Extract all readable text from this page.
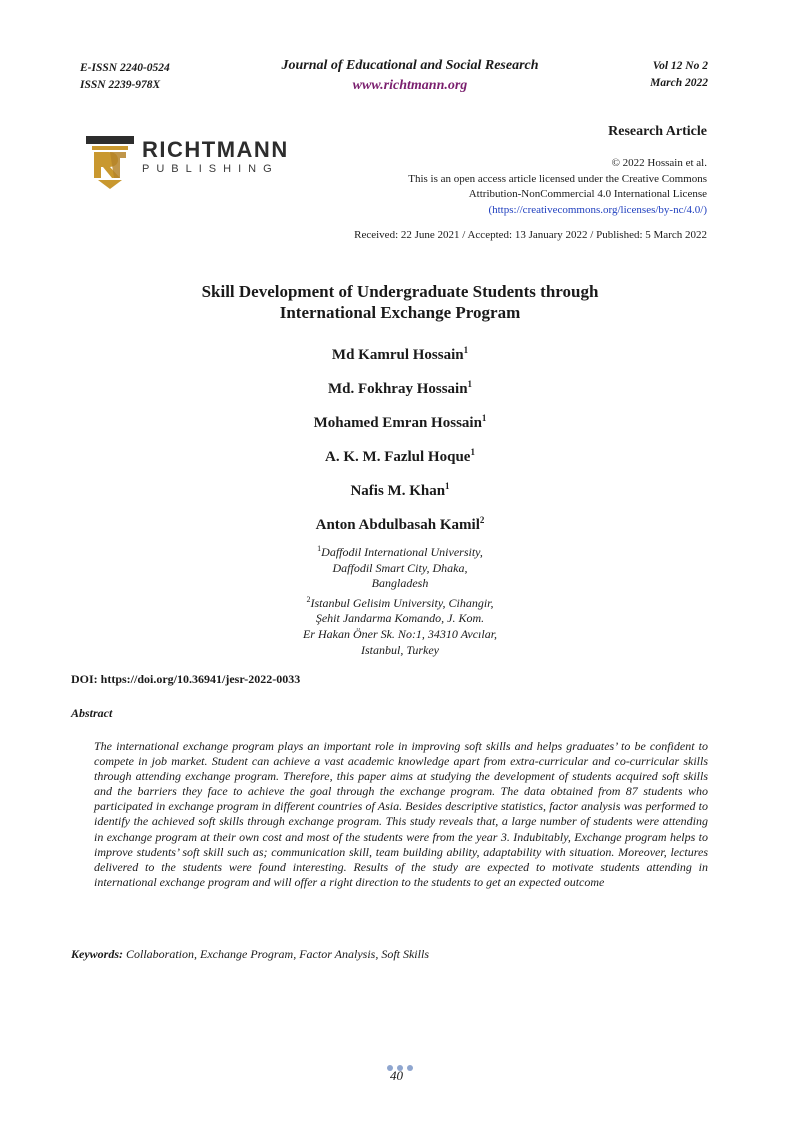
E-ISSN 2240-0524
ISSN 2239-978X
Journal of Educational and Social Research
www.richtmann.org
Vol 12 No 2
March 2022
RICHTMANN
PUBLISHING
Research Article
© 2022 Hossain et al.
This is an open access article licensed under the Creative Commons
Attribution-NonCommercial 4.0 International License
(https://creativecommons.org/licenses/by-nc/4.0/)
Received: 22 June 2021 / Accepted: 13 January 2022 / Published: 5 March 2022
Skill Development of Undergraduate Students through
International Exchange Program
Md Kamrul Hossain$^1$
Md. Fokhray Hossain$^1$
Mohamed Emran Hossain$^1$
A. K. M. Fazlul Hoque$^1$
Nafis M. Khan$^1$
Anton Abdulbasah Kamil$^2$
$^1$Daffodil International University,
Daffodil Smart City, Dhaka,
Bangladesh
$^2$Istanbul Gelisim University, Cihangir,
Şehit Jandarma Komando, J. Kom.
Er Hakan Öner Sk. No:1, 34310 Avcılar,
Istanbul, Turkey
DOI: https://doi.org/10.36941/jesr-2022-0033
Abstract
The international exchange program plays an important role in improving soft skills and helps graduates’ to be confident to compete in job market. Student can achieve a vast academic knowledge apart from extra-curricular and co-curricular skills through attending exchange program. Therefore, this paper aims at studying the development of students acquired soft skills and the barriers they face to achieve the goal through the exchange program. The data obtained from 87 students who participated in exchange program in different countries of Asia. Besides descriptive statistics, factor analysis was performed to identify the achieved soft skills through exchange program. This study reveals that, a large number of students were attending in exchange program at their own cost and most of the students were from the year 3. Indubitably, Exchange program helps to improve students’ soft skill such as; communication skill, team building ability, adaptability with situation. Moreover, lectures delivered to the students were found interesting. Results of the study are expected to motivate students attending in international exchange program and will offer a right direction to the students to get an expected outcome
Keywords: Collaboration, Exchange Program, Factor Analysis, Soft Skills
40
